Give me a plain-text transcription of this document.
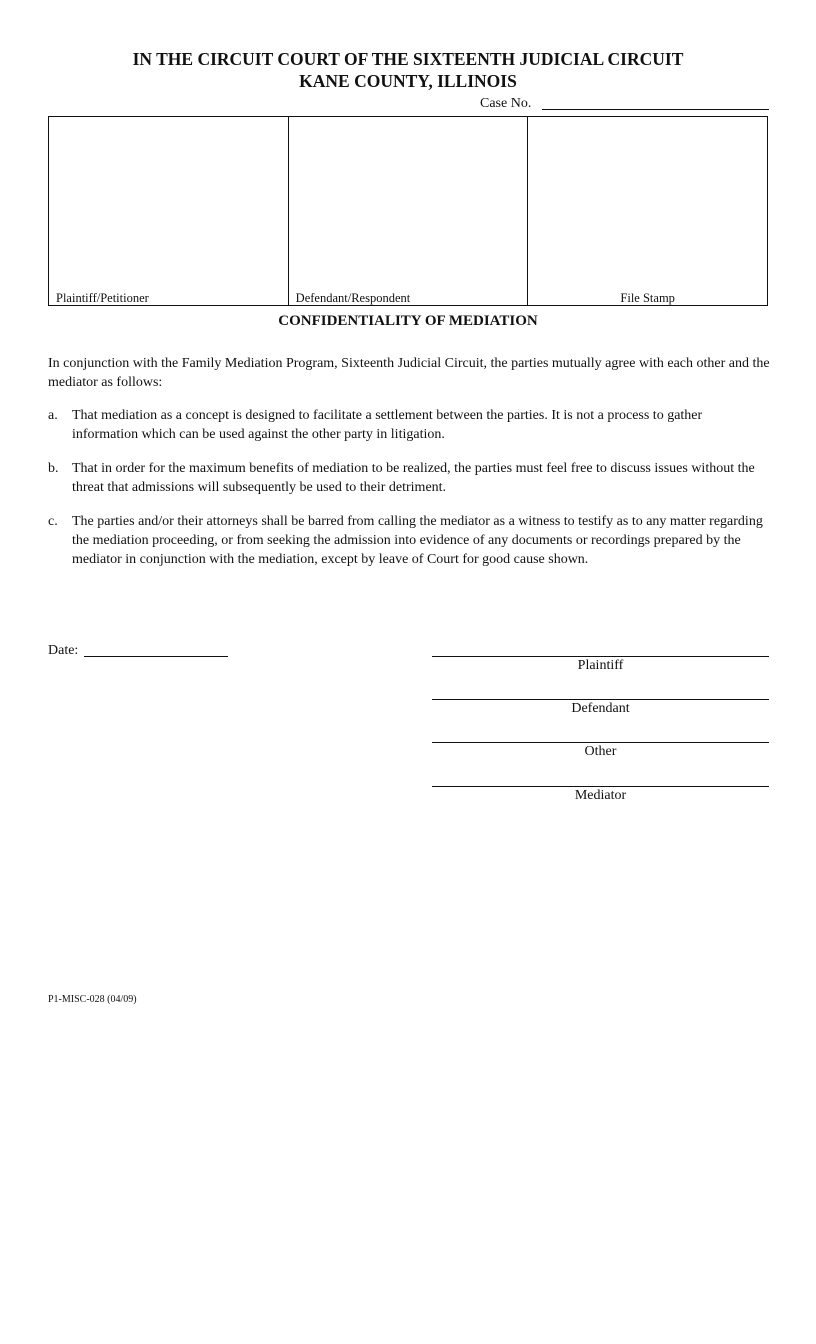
IN THE CIRCUIT COURT OF THE SIXTEENTH JUDICIAL CIRCUIT
KANE COUNTY, ILLINOIS
Case No.
Plaintiff/Petitioner	Defendant/Respondent	File Stamp
CONFIDENTIALITY OF MEDIATION
In conjunction with the Family Mediation Program, Sixteenth Judicial Circuit, the parties mutually agree with each other and the mediator as follows:
a.	That mediation as a concept is designed to facilitate a settlement between the parties. It is not a process to gather information which can be used against the other party in litigation.
b. That in order for the maximum benefits of mediation to be realized, the parties must feel free to discuss issues without the threat that admissions will subsequently be used to their detriment.
c.	The parties and/or their attorneys shall be barred from calling the mediator as a witness to testify as to any matter regarding the mediation proceeding, or from seeking the admission into evidence of any documents or recordings prepared by the mediator in conjunction with the mediation, except by leave of Court for good cause shown.
Date:
Plaintiff
Defendant
Other
Mediator
P1-MISC-028 (04/09)
